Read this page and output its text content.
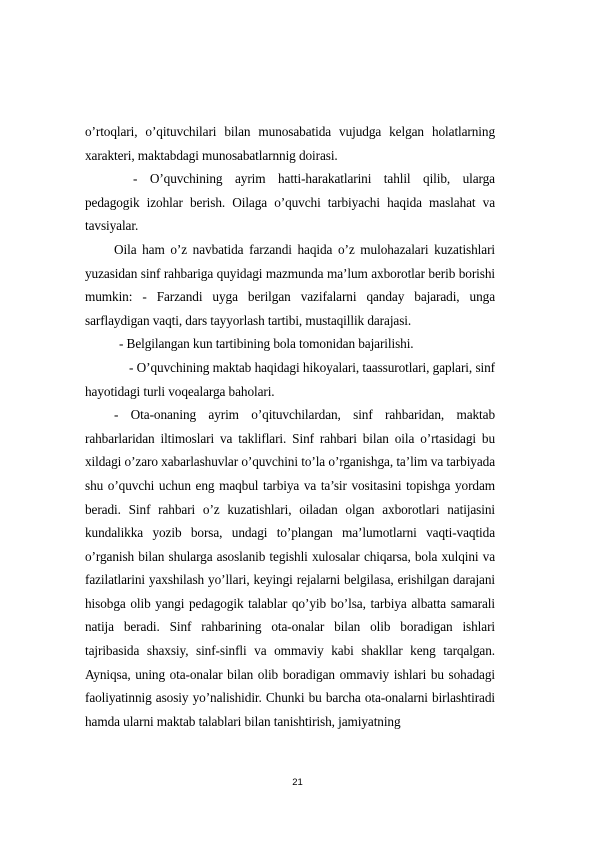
o’rtoqlari, o’qituvchilari bilan munosabatida vujudga kelgan holatlarning xarakteri, maktabdagi munosabatlarnnig doirasi.

- O’quvchining ayrim hatti-harakatlarini tahlil qilib, ularga pedagogik izohlar berish. Oilaga o’quvchi tarbiyachi haqida maslahat va tavsiyalar.

Oila ham o’z navbatida farzandi haqida o’z mulohazalari kuzatishlari yuzasidan sinf rahbariga quyidagi mazmunda ma’lum axborotlar berib borishi mumkin: - Farzandi uyga berilgan vazifalarni qanday bajaradi, unga sarflaydigan vaqti, dars tayyorlash tartibi, mustaqillik darajasi.

- Belgilangan kun tartibining bola tomonidan bajarilishi.

- O’quvchining maktab haqidagi hikoyalari, taassurotlari, gaplari, sinf hayotidagi turli voqealarga baholari.

- Ota-onaning ayrim o’qituvchilardan, sinf rahbaridan, maktab rahbarlaridan iltimoslari va takliflari. Sinf rahbari bilan oila o’rtasidagi bu xildagi o’zaro xabarlashuvlar o’quvchini to’la o’rganishga, ta’lim va tarbiyada shu o’quvchi uchun eng maqbul tarbiya va ta’sir vositasini topishga yordam beradi. Sinf rahbari o’z kuzatishlari, oiladan olgan axborotlari natijasini kundalikka yozib borsa, undagi to’plangan ma’lumotlarni vaqti-vaqtida o’rganish bilan shularga asoslanib tegishli xulosalar chiqarsa, bola xulqini va fazilatlarini yaxshilash yo’llari, keyingi rejalarni belgilasa, erishilgan darajani hisobga olib yangi pedagogik talablar qo’yib bo’lsa, tarbiya albatta samarali natija beradi. Sinf rahbarining ota-onalar bilan olib boradigan ishlari tajribasida shaxsiy, sinf-sinfli va ommaviy kabi shakllar keng tarqalgan. Ayniqsa, uning ota-onalar bilan olib boradigan ommaviy ishlari bu sohadagi faoliyatinnig asosiy yo’nalishidir. Chunki bu barcha ota-onalarni birlashtiradi hamda ularni maktab talablari bilan tanishtirish, jamiyatning

21
